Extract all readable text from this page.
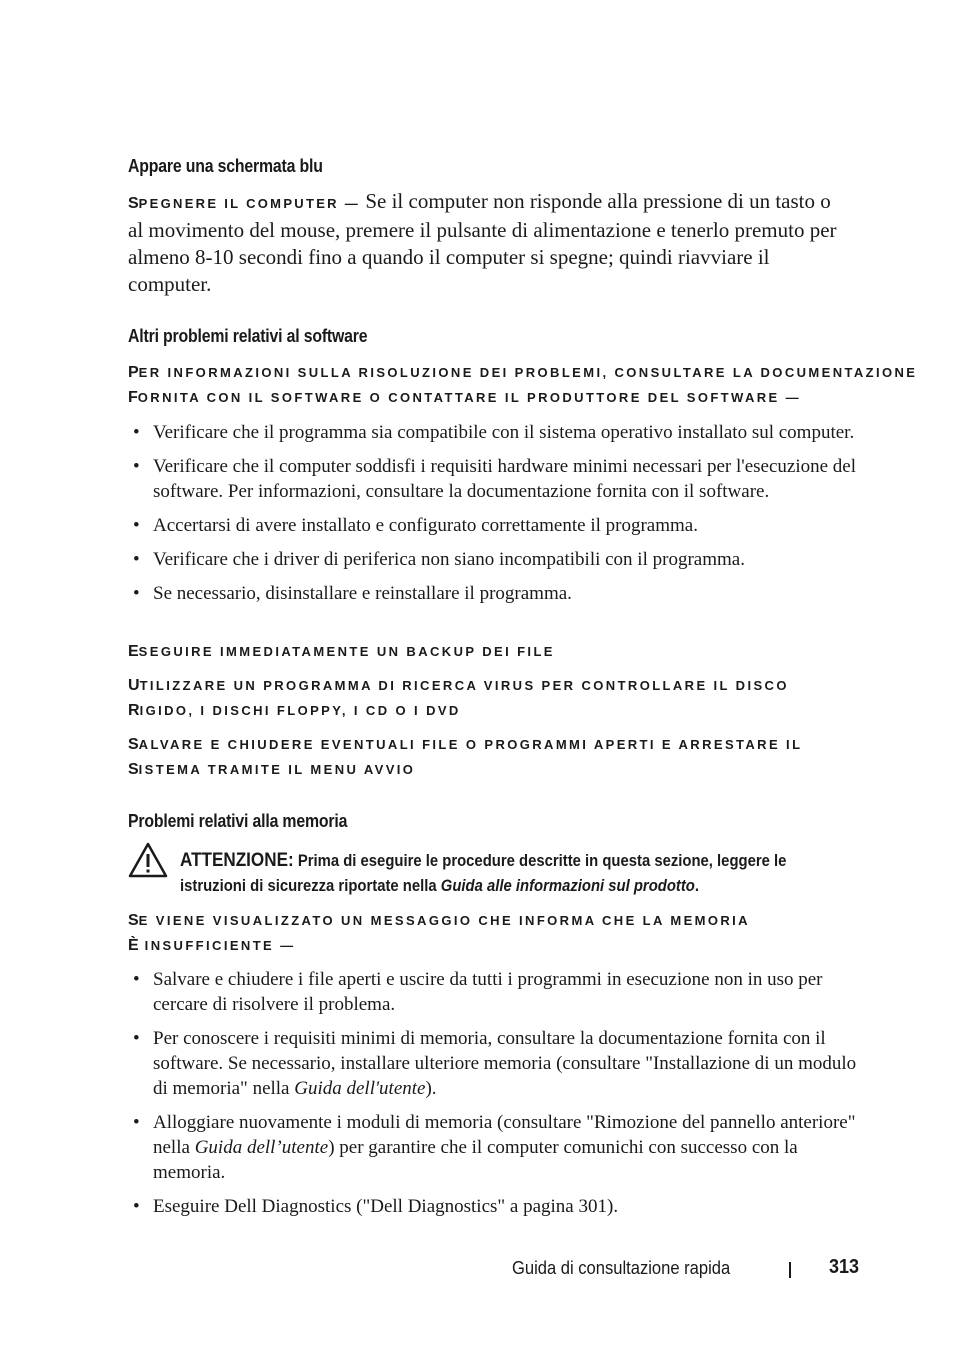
Appare una schermata blu
SPEGNERE IL COMPUTER — Se il computer non risponde alla pressione di un tasto o al movimento del mouse, premere il pulsante di alimentazione e tenerlo premuto per almeno 8-10 secondi fino a quando il computer si spegne; quindi riavviare il computer.
Altri problemi relativi al software
PER INFORMAZIONI SULLA RISOLUZIONE DEI PROBLEMI, CONSULTARE LA DOCUMENTAZIONE
FORNITA CON IL SOFTWARE O CONTATTARE IL PRODUTTORE DEL SOFTWARE —
• Verificare che il programma sia compatibile con il sistema operativo installato sul computer.
• Verificare che il computer soddisfi i requisiti hardware minimi necessari per l'esecuzione del software. Per informazioni, consultare la documentazione fornita con il software.
• Accertarsi di avere installato e configurato correttamente il programma.
• Verificare che i driver di periferica non siano incompatibili con il programma.
• Se necessario, disinstallare e reinstallare il programma.
ESEGUIRE IMMEDIATAMENTE UN BACKUP DEI FILE
UTILIZZARE UN PROGRAMMA DI RICERCA VIRUS PER CONTROLLARE IL DISCO
RIGIDO, I DISCHI FLOPPY, I CD O I DVD
SALVARE E CHIUDERE EVENTUALI FILE O PROGRAMMI APERTI E ARRESTARE IL
SISTEMA TRAMITE IL MENU AVVIO
Problemi relativi alla memoria
ATTENZIONE: Prima di eseguire le procedure descritte in questa sezione, leggere le istruzioni di sicurezza riportate nella Guida alle informazioni sul prodotto.
SE VIENE VISUALIZZATO UN MESSAGGIO CHE INFORMA CHE LA MEMORIA
È INSUFFICIENTE —
• Salvare e chiudere i file aperti e uscire da tutti i programmi in esecuzione non in uso per cercare di risolvere il problema.
• Per conoscere i requisiti minimi di memoria, consultare la documentazione fornita con il software. Se necessario, installare ulteriore memoria (consultare "Installazione di un modulo di memoria" nella Guida dell'utente).
• Alloggiare nuovamente i moduli di memoria (consultare "Rimozione del pannello anteriore" nella Guida dell’utente) per garantire che il computer comunichi con successo con la memoria.
• Eseguire Dell Diagnostics ("Dell Diagnostics" a pagina 301).
Guida di consultazione rapida	313
